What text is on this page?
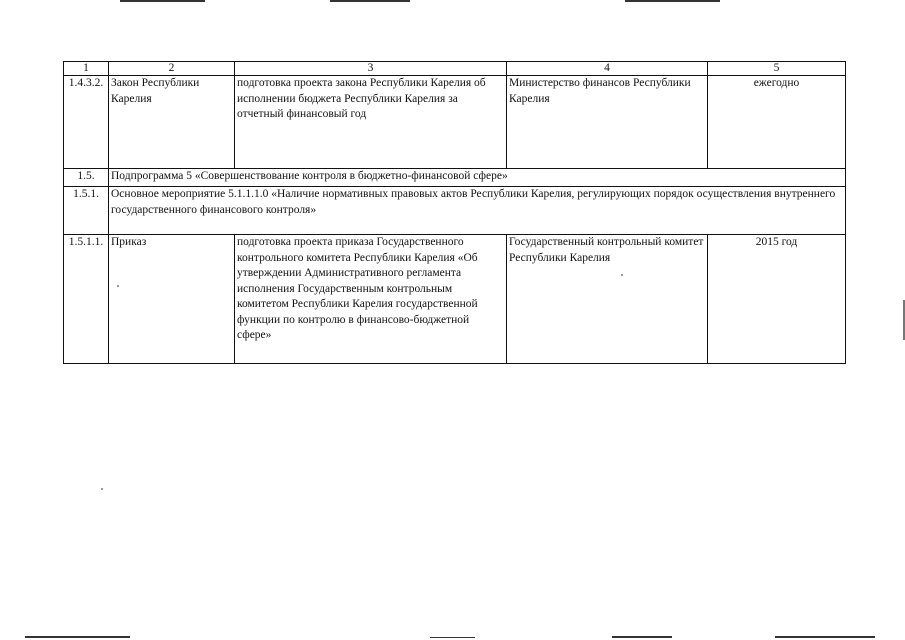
1	2	3	4	5
1.4.3.2.	Закон Республики Карелия	подготовка проекта закона Республики Карелия об исполнении бюджета Республики Карелия за отчетный финансовый год	Министерство финансов Республики Карелия	ежегодно
1.5.	Подпрограмма 5 «Совершенствование контроля в бюджетно-финансовой сфере»			
1.5.1.	Основное мероприятие 5.1.1.1.0 «Наличие нормативных правовых актов Республики Карелия, регулирующих порядок осуществления внутреннего государственного финансового контроля»			
1.5.1.1.	Приказ	подготовка проекта приказа Государственного контрольного комитета Республики Карелия «Об утверждении Административного регламента исполнения Государственным контрольным комитетом Республики Карелия государственной функции по контролю в финансово-бюджетной сфере»	Государственный контрольный комитет Республики Карелия	2015 год
